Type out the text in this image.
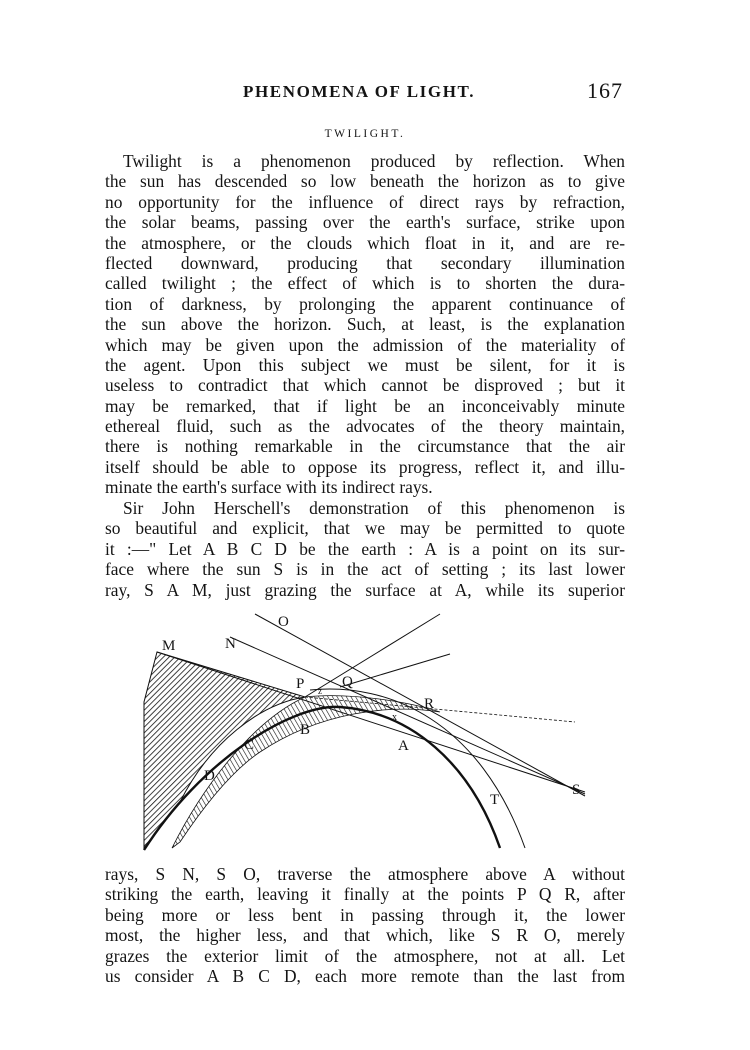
PHENOMENA OF LIGHT.	167
TWILIGHT.
Twilight is a phenomenon produced by reflection. When
the sun has descended so low beneath the horizon as to give
no opportunity for the influence of direct rays by refraction,
the solar beams, passing over the earth's surface, strike upon
the atmosphere, or the clouds which float in it, and are re-
flected downward, producing that secondary illumination
called twilight ; the effect of which is to shorten the dura-
tion of darkness, by prolonging the apparent continuance of
the sun above the horizon. Such, at least, is the explanation
which may be given upon the admission of the materiality of
the agent. Upon this subject we must be silent, for it is
useless to contradict that which cannot be disproved ; but it
may be remarked, that if light be an inconceivably minute
ethereal fluid, such as the advocates of the theory maintain,
there is nothing remarkable in the circumstance that the air
itself should be able to oppose its progress, reflect it, and illu-
minate the earth's surface with its indirect rays.
Sir John Herschell's demonstration of this phenomenon is
so beautiful and explicit, that we may be permitted to quote
it :—" Let A B C D be the earth : A is a point on its sur-
face where the sun S is in the act of setting ; its last lower
ray, S A M, just grazing the surface at A, while its superior
M	N
O
P	Q
R
B
C
D
A
S
T
x
z
rays, S N, S O, traverse the atmosphere above A without
striking the earth, leaving it finally at the points P Q R, after
being more or less bent in passing through it, the lower
most, the higher less, and that which, like S R O, merely
grazes the exterior limit of the atmosphere, not at all. Let
us consider A B C D, each more remote than the last from
